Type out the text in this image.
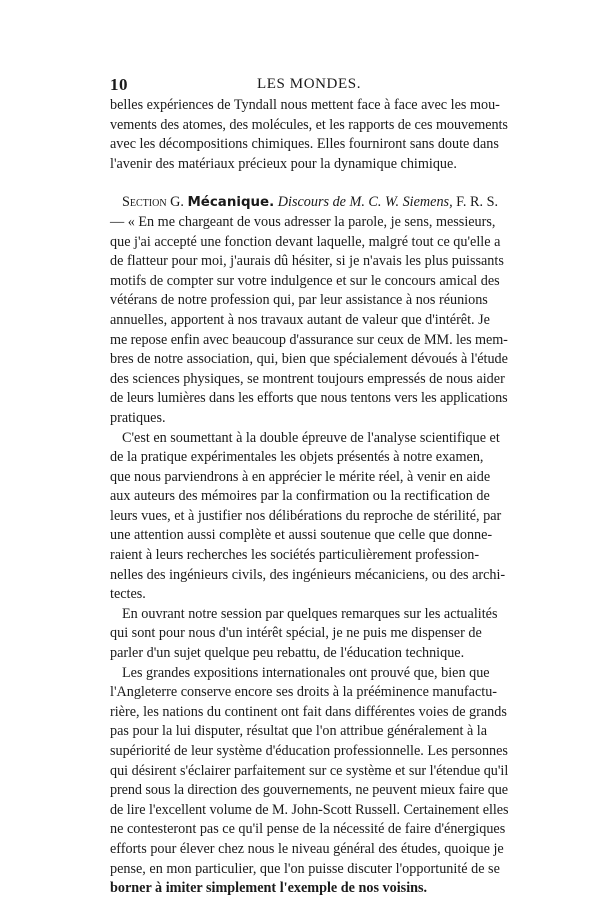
10	LES MONDES.
belles expériences de Tyndall nous mettent face à face avec les mou-
vements des atomes, des molécules, et les rapports de ces mouvements
avec les décompositions chimiques. Elles fourniront sans doute dans
l'avenir des matériaux précieux pour la dynamique chimique.
Section G. Mécanique. Discours de M. C. W. Siemens, F. R. S.
— « En me chargeant de vous adresser la parole, je sens, messieurs,
que j'ai accepté une fonction devant laquelle, malgré tout ce qu'elle a
de flatteur pour moi, j'aurais dû hésiter, si je n'avais les plus puissants
motifs de compter sur votre indulgence et sur le concours amical des
vétérans de notre profession qui, par leur assistance à nos réunions
annuelles, apportent à nos travaux autant de valeur que d'intérêt. Je
me repose enfin avec beaucoup d'assurance sur ceux de MM. les mem-
bres de notre association, qui, bien que spécialement dévoués à l'étude
des sciences physiques, se montrent toujours empressés de nous aider
de leurs lumières dans les efforts que nous tentons vers les applications
pratiques.
C'est en soumettant à la double épreuve de l'analyse scientifique et
de la pratique expérimentales les objets présentés à notre examen,
que nous parviendrons à en apprécier le mérite réel, à venir en aide
aux auteurs des mémoires par la confirmation ou la rectification de
leurs vues, et à justifier nos délibérations du reproche de stérilité, par
une attention aussi complète et aussi soutenue que celle que donne-
raient à leurs recherches les sociétés particulièrement profession-
nelles des ingénieurs civils, des ingénieurs mécaniciens, ou des archi-
tectes.
En ouvrant notre session par quelques remarques sur les actualités
qui sont pour nous d'un intérêt spécial, je ne puis me dispenser de
parler d'un sujet quelque peu rebattu, de l'éducation technique.
Les grandes expositions internationales ont prouvé que, bien que
l'Angleterre conserve encore ses droits à la prééminence manufactu-
rière, les nations du continent ont fait dans différentes voies de grands
pas pour la lui disputer, résultat que l'on attribue généralement à la
supériorité de leur système d'éducation professionnelle. Les personnes
qui désirent s'éclairer parfaitement sur ce système et sur l'étendue qu'il
prend sous la direction des gouvernements, ne peuvent mieux faire que
de lire l'excellent volume de M. John-Scott Russell. Certainement elles
ne contesteront pas ce qu'il pense de la nécessité de faire d'énergiques
efforts pour élever chez nous le niveau général des études, quoique je
pense, en mon particulier, que l'on puisse discuter l'opportunité de se
borner à imiter simplement l'exemple de nos voisins.
